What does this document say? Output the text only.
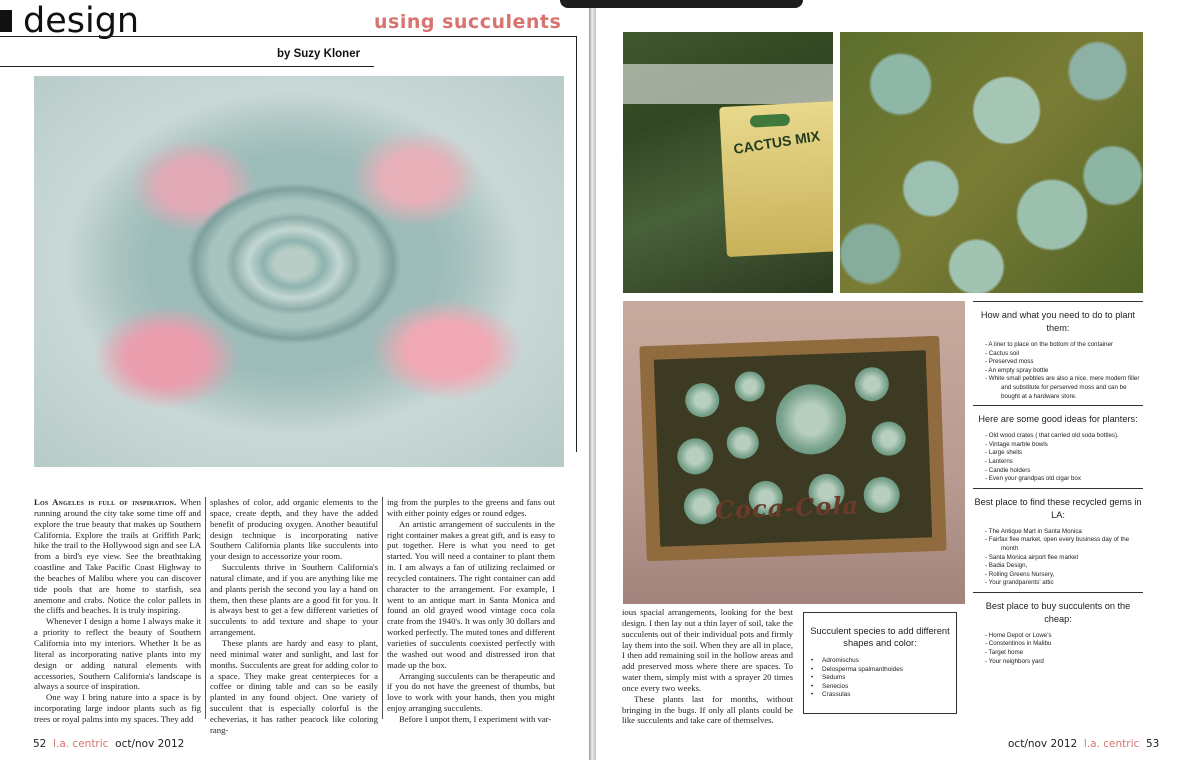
design	using succulents
by Suzy Kloner

Los Angeles is full of inspiration. When running around the city take some time off and explore the true beauty that makes up Southern California. Explore the trails at Griffith Park; hike the trail to the Hollywood sign and see LA from a bird's eye view. See the breathtaking coastline and Take Pacific Coast Highway to the beaches of Malibu where you can discover tide pools that are home to starfish, sea anemone and crabs. Notice the color pallets in the cliffs and beaches. It is truly inspiring.

Whenever I design a home I always make it a priority to reflect the beauty of Southern California into my interiors. Whether It be as literal as incorporating native plants into my design or adding natural elements with accessories, Southern California's landscape is always a source of inspiration.

One way I bring nature into a space is by incorporating large indoor plants such as fig trees or royal palms into my spaces. They add

splashes of color, add organic elements to the space, create depth, and they have the added benefit of producing oxygen. Another beautiful design technique is incorporating native Southern California plants like succulents into your design to accessorize your room.

Succulents thrive in Southern California's natural climate, and if you are anything like me and plants perish the second you lay a hand on them, then these plants are a good fit for you. It is always best to get a few different varieties of succulents to add texture and shape to your arrangement.

These plants are hardy and easy to plant, need minimal water and sunlight, and last for months. Succulents are great for adding color to a space. They make great centerpieces for a coffee or dining table and can so be easily planted in any found object. One variety of succulent that is especially colorful is the echeverias, it has rather peacock like coloring rang-

ing from the purples to the greens and fans out with either pointy edges or round edges.

An artistic arrangement of succulents in the right container makes a great gift, and is easy to put together. Here is what you need to get started. You will need a container to plant them in. I am always a fan of utilizing reclaimed or recycled containers. The right container can add character to the arrangement. For example, I went to an antique mart in Santa Monica and found an old grayed wood vintage coca cola crate from the 1940's. It was only 30 dollars and worked perfectly. The muted tones and different varieties of succulents coexisted perfectly with the washed out wood and distressed iron that made up the box.

Arranging succulents can be therapeutic and if you do not have the greenest of thumbs, but love to work with your hands, then you might enjoy arranging succulents.

Before I unpot them, I experiment with var-

52 l.a. centric oct/nov 2012
CACTUS MIX
Coca-Cola

ious spacial arrangements, looking for the best design. I then lay out a thin layer of soil, take the succulents out of their individual pots and firmly lay them into the soil. When they are all in place, I then add remaining soil in the hollow areas and add preserved moss where there are spaces. To water them, simply mist with a sprayer 20 times once every two weeks.

These plants last for months, without bringing in the bugs. If only all plants could be like succulents and take care of themselves.

Succulent species to add different shapes and color:
• Adromischus
• Delosperma spalmanthoides
• Sedums
• Senecios
• Crassulas
How and what you need to do to plant them:
- A liner to place on the bottom of the container
- Cactus soil
- Preserved moss
- An empty spray bottle
- White small pebbles are also a nice, mere modern filler and substitute for perserved moss and can be bought at a hardware store.
Here are some good ideas for planters:
- Old wood crates ( that carried old soda bottles).
- Vintage marble bowls
- Large shells
- Lanterns
- Candle holders
- Even your grandpas old cigar box
Best place to find these recycled gems in LA:
- The Antique Mart in Santa Monica
- Fairfax flee market, open every business day of the month
- Santa Monica airport flee market
- Badia Design,
- Rolling Greens Nursery,
- Your grandparents' attic
Best place to buy succulents on the cheap:
- Home Depot or Lowe's
- Constentinos in Malibu
- Target home
- Your neighbors yard
oct/nov 2012 l.a. centric 53
